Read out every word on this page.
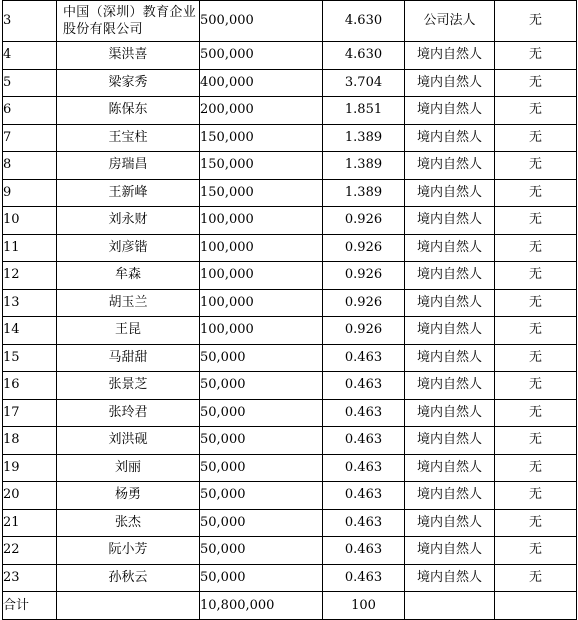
3	中国（深圳）教育企业股份有限公司	500,000	4.630	公司法人	无
4	渠洪喜	500,000	4.630	境内自然人	无
5	梁家秀	400,000	3.704	境内自然人	无
6	陈保东	200,000	1.851	境内自然人	无
7	王宝柱	150,000	1.389	境内自然人	无
8	房瑞昌	150,000	1.389	境内自然人	无
9	王新峰	150,000	1.389	境内自然人	无
10	刘永财	100,000	0.926	境内自然人	无
11	刘彦锴	100,000	0.926	境内自然人	无
12	牟森	100,000	0.926	境内自然人	无
13	胡玉兰	100,000	0.926	境内自然人	无
14	王昆	100,000	0.926	境内自然人	无
15	马甜甜	50,000	0.463	境内自然人	无
16	张景芝	50,000	0.463	境内自然人	无
17	张玲君	50,000	0.463	境内自然人	无
18	刘洪砚	50,000	0.463	境内自然人	无
19	刘丽	50,000	0.463	境内自然人	无
20	杨勇	50,000	0.463	境内自然人	无
21	张杰	50,000	0.463	境内自然人	无
22	阮小芳	50,000	0.463	境内自然人	无
23	孙秋云	50,000	0.463	境内自然人	无
合计		10,800,000	100		
